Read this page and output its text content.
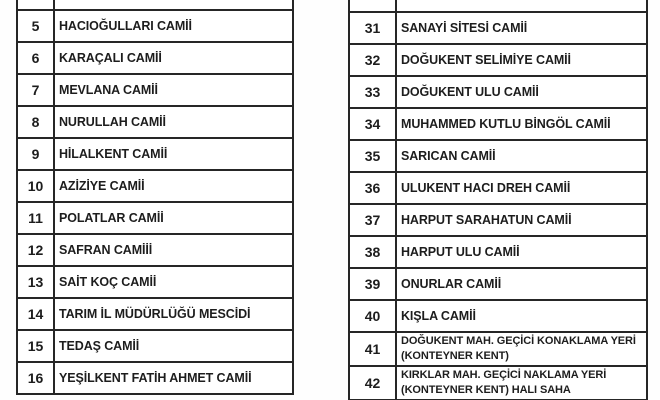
5	HACIOĞULLARI CAMİİ
6	KARAÇALI CAMİİ
7	MEVLANA CAMİİ
8	NURULLAH CAMİİ
9	HİLALKENT CAMİİ
10	AZİZİYE CAMİİ
11	POLATLAR CAMİİ
12	SAFRAN CAMİİİ
13	SAİT KOÇ CAMİİ
14	TARIM İL MÜDÜRLÜĞÜ MESCİDİ
15	TEDAŞ CAMİİ
16	YEŞİLKENT FATİH AHMET CAMİİ
31	SANAYİ SİTESİ CAMİİ
32	DOĞUKENT SELİMİYE CAMİİ
33	DOĞUKENT ULU CAMİİ
34	MUHAMMED KUTLU BİNGÖL CAMİİ
35	SARICAN CAMİİ
36	ULUKENT HACI DREH CAMİİ
37	HARPUT SARAHATUN CAMİİ
38	HARPUT ULU CAMİİ
39	ONURLAR CAMİİ
40	KIŞLA CAMİİ
41	DOĞUKENT MAH. GEÇİCİ KONAKLAMA YERİ (KONTEYNER KENT)
42	KIRKLAR MAH. GEÇİCİ NAKLAMA YERİ (KONTEYNER KENT) HALI SAHA
